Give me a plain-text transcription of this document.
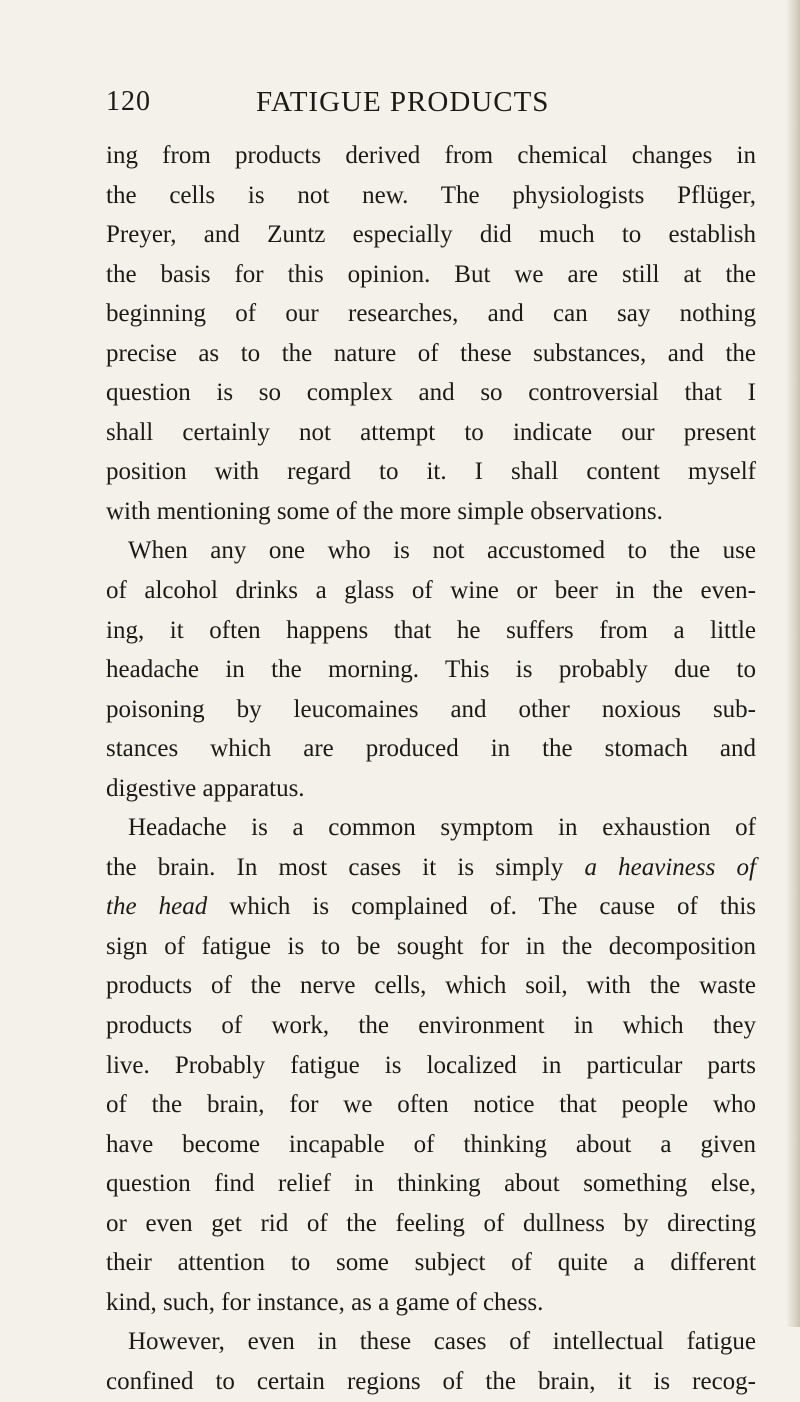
120	FATIGUE PRODUCTS
ing from products derived from chemical changes in
the cells is not new. The physiologists Pflüger,
Preyer, and Zuntz especially did much to establish
the basis for this opinion. But we are still at the
beginning of our researches, and can say nothing
precise as to the nature of these substances, and the
question is so complex and so controversial that I
shall certainly not attempt to indicate our present
position with regard to it. I shall content myself
with mentioning some of the more simple observations.
When any one who is not accustomed to the use
of alcohol drinks a glass of wine or beer in the even-
ing, it often happens that he suffers from a little
headache in the morning. This is probably due to
poisoning by leucomaines and other noxious sub-
stances which are produced in the stomach and
digestive apparatus.
Headache is a common symptom in exhaustion of
the brain. In most cases it is simply a heaviness of
the head which is complained of. The cause of this
sign of fatigue is to be sought for in the decomposition
products of the nerve cells, which soil, with the waste
products of work, the environment in which they
live. Probably fatigue is localized in particular parts
of the brain, for we often notice that people who
have become incapable of thinking about a given
question find relief in thinking about something else,
or even get rid of the feeling of dullness by directing
their attention to some subject of quite a different
kind, such, for instance, as a game of chess.
However, even in these cases of intellectual fatigue
confined to certain regions of the brain, it is recog-
